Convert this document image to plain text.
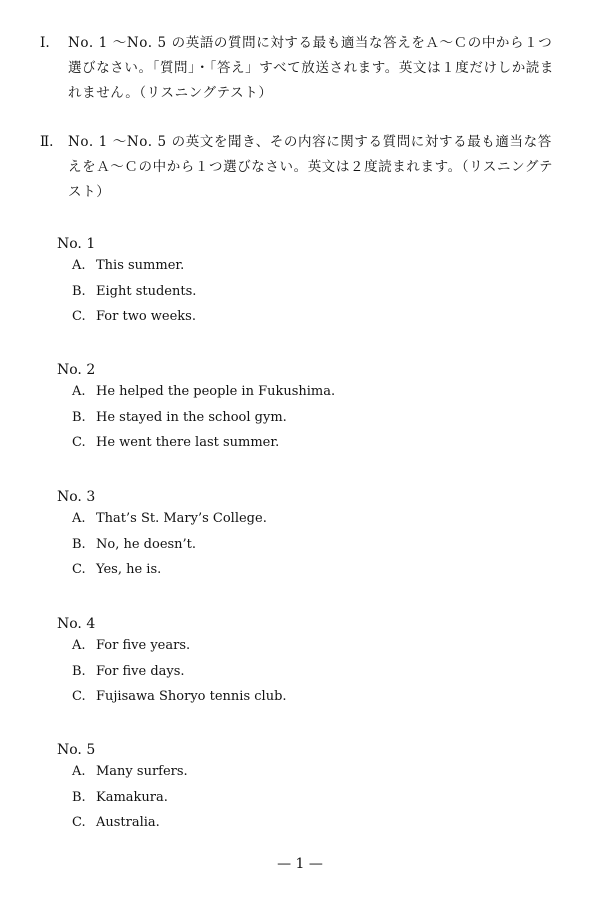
Ⅰ.	No. 1 ～No. 5 の英語の質問に対する最も適当な答えをＡ～Ｃの中から１つ選びなさい。「質問」・「答え」すべて放送されます。英文は１度だけしか読まれません。（リスニングテスト）
Ⅱ.	No. 1 ～No. 5 の英文を聞き、その内容に関する質問に対する最も適当な答えをＡ～Ｃの中から１つ選びなさい。英文は２度読まれます。（リスニングテスト）
No. 1
A. This summer.
B. Eight students.
C. For two weeks.
No. 2
A. He helped the people in Fukushima.
B. He stayed in the school gym.
C. He went there last summer.
No. 3
A. That’s St. Mary’s College.
B. No, he doesn’t.
C. Yes, he is.
No. 4
A. For five years.
B. For five days.
C. Fujisawa Shoryo tennis club.
No. 5
A. Many surfers.
B. Kamakura.
C. Australia.
— 1 —
